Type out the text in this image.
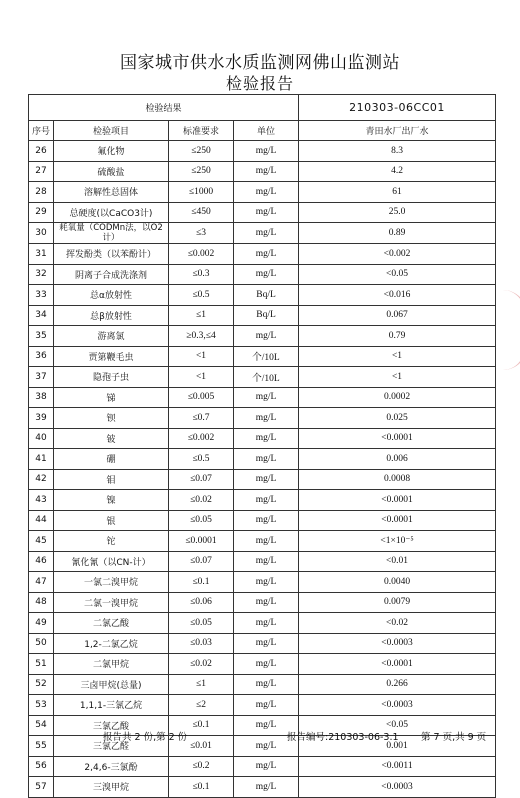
国家城市供水水质监测网佛山监测站
检验报告
检验结果				210303-06CC01
序号	检验项目	标准要求	单位	青田水厂出厂水
26	氟化物	≤250	mg/L	8.3
27	硫酸盐	≤250	mg/L	4.2
28	溶解性总固体	≤1000	mg/L	61
29	总硬度(以CaCO3计)	≤450	mg/L	25.0
30	耗氧量（CODMn法，以O2计）	≤3	mg/L	0.89
31	挥发酚类（以苯酚计）	≤0.002	mg/L	<0.002
32	阴离子合成洗涤剂	≤0.3	mg/L	<0.05
33	总α放射性	≤0.5	Bq/L	<0.016
34	总β放射性	≤1	Bq/L	0.067
35	游离氯	≥0.3,≤4	mg/L	0.79
36	贾第鞭毛虫	<1	个/10L	<1
37	隐孢子虫	<1	个/10L	<1
38	锑	≤0.005	mg/L	0.0002
39	钡	≤0.7	mg/L	0.025
40	铍	≤0.002	mg/L	<0.0001
41	硼	≤0.5	mg/L	0.006
42	钼	≤0.07	mg/L	0.0008
43	镍	≤0.02	mg/L	<0.0001
44	银	≤0.05	mg/L	<0.0001
45	铊	≤0.0001	mg/L	<1×10⁻⁵
46	氰化氰（以CN-计）	≤0.07	mg/L	<0.01
47	一氯二溴甲烷	≤0.1	mg/L	0.0040
48	二氯一溴甲烷	≤0.06	mg/L	0.0079
49	二氯乙酸	≤0.05	mg/L	<0.02
50	1,2-二氯乙烷	≤0.03	mg/L	<0.0003
51	二氯甲烷	≤0.02	mg/L	<0.0001
52	三卤甲烷(总量)	≤1	mg/L	0.266
53	1,1,1-三氯乙烷	≤2	mg/L	<0.0003
54	三氯乙酸	≤0.1	mg/L	<0.05
55	三氯乙醛	≤0.01	mg/L	0.001
56	2,4,6-三氯酚	≤0.2	mg/L	<0.0011
57	三溴甲烷	≤0.1	mg/L	<0.0003
报告共 2 份,第 2 份	报告编号:210303-06-3.1 第 7 页,共 9 页
